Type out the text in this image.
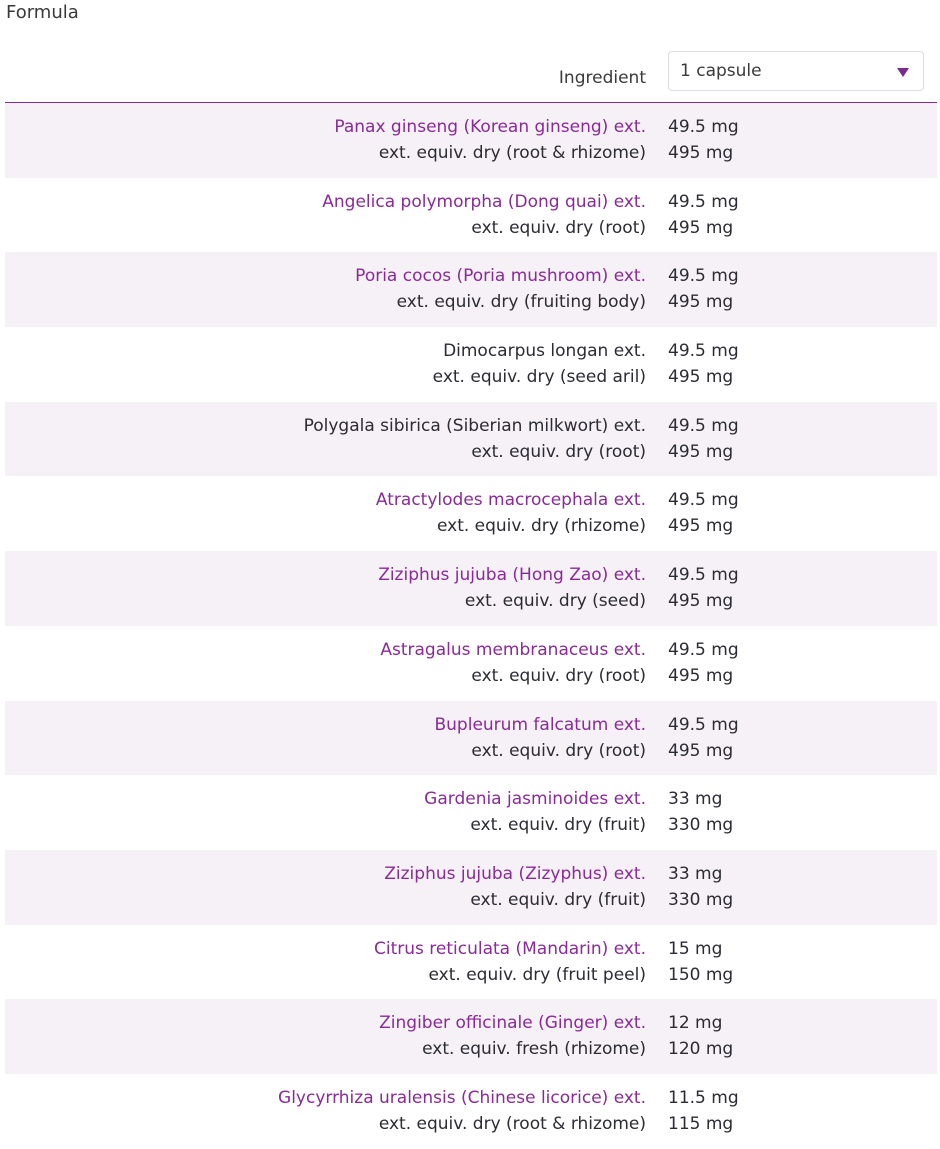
Formula
Ingredient 1 capsule
Panax ginseng (Korean ginseng) ext.
ext. equiv. dry (root & rhizome)
49.5 mg
495 mg
Angelica polymorpha (Dong quai) ext.
ext. equiv. dry (root)
49.5 mg
495 mg
Poria cocos (Poria mushroom) ext.
ext. equiv. dry (fruiting body)
49.5 mg
495 mg
Dimocarpus longan ext.
ext. equiv. dry (seed aril)
49.5 mg
495 mg
Polygala sibirica (Siberian milkwort) ext.
ext. equiv. dry (root)
49.5 mg
495 mg
Atractylodes macrocephala ext.
ext. equiv. dry (rhizome)
49.5 mg
495 mg
Ziziphus jujuba (Hong Zao) ext.
ext. equiv. dry (seed)
49.5 mg
495 mg
Astragalus membranaceus ext.
ext. equiv. dry (root)
49.5 mg
495 mg
Bupleurum falcatum ext.
ext. equiv. dry (root)
49.5 mg
495 mg
Gardenia jasminoides ext.
ext. equiv. dry (fruit)
33 mg
330 mg
Ziziphus jujuba (Zizyphus) ext.
ext. equiv. dry (fruit)
33 mg
330 mg
Citrus reticulata (Mandarin) ext.
ext. equiv. dry (fruit peel)
15 mg
150 mg
Zingiber officinale (Ginger) ext.
ext. equiv. fresh (rhizome)
12 mg
120 mg
Glycyrrhiza uralensis (Chinese licorice) ext.
ext. equiv. dry (root & rhizome)
11.5 mg
115 mg
